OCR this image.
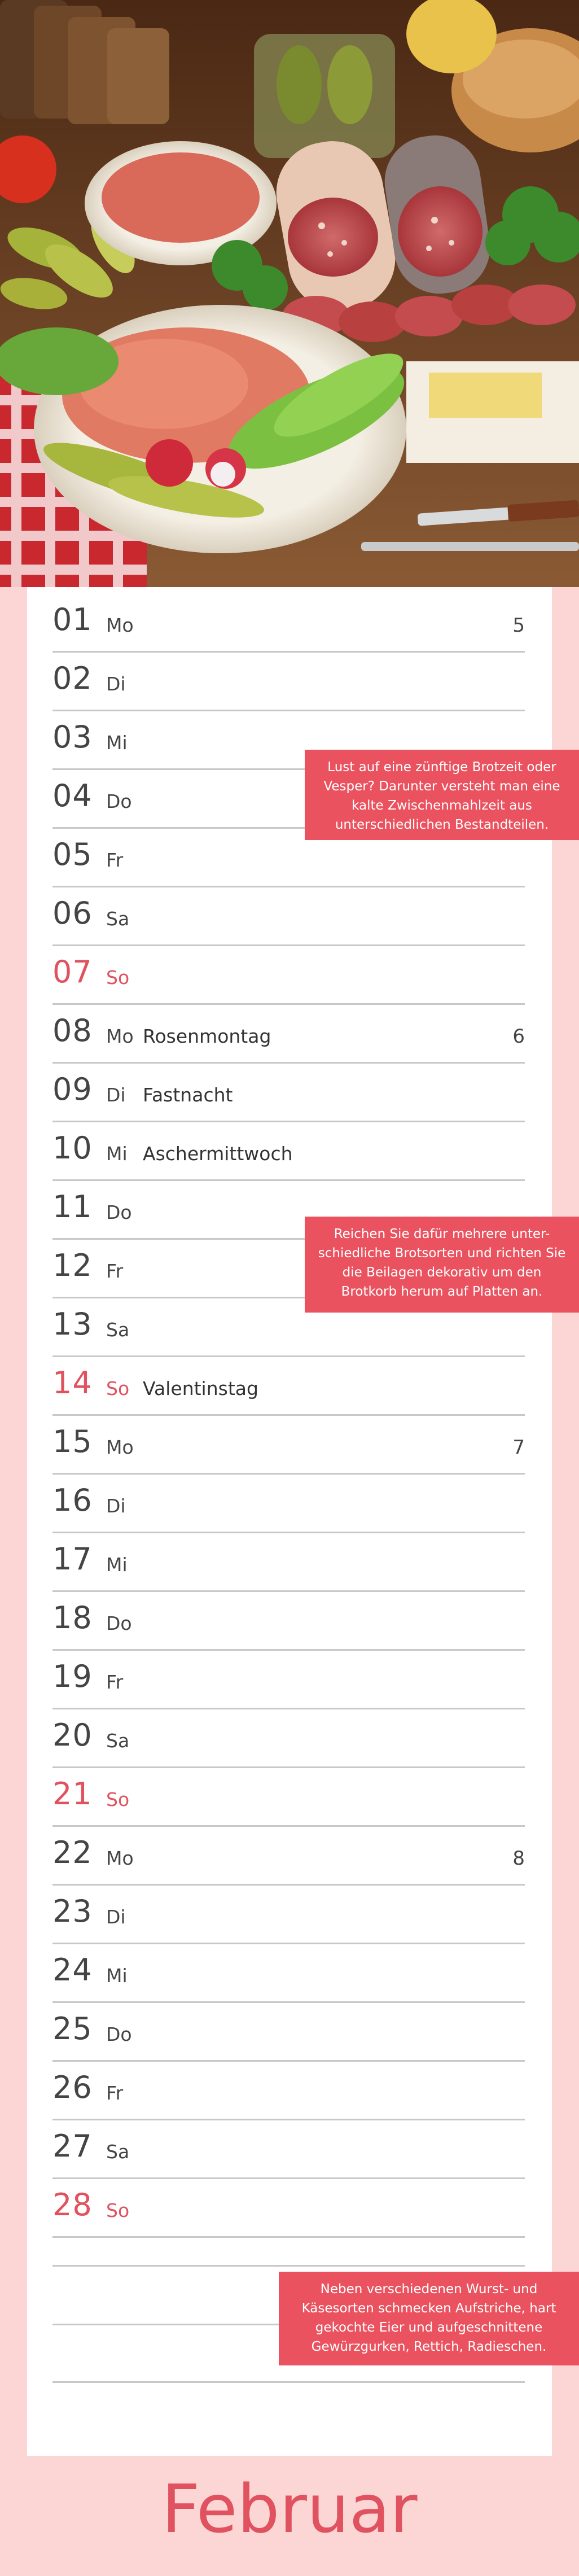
01 Mo	5
02 Di
03 Mi
04 Do
05 Fr
06 Sa
07 So
08 Mo Rosenmontag	6
09 Di Fastnacht
10 Mi Aschermittwoch
11 Do
12 Fr
13 Sa
14 So Valentinstag
15 Mo	7
16 Di
17 Mi
18 Do
19 Fr
20 Sa
21 So
22 Mo	8
23 Di
24 Mi
25 Do
26 Fr
27 Sa
28 So
Lust auf eine zünftige Brotzeit oder Vesper? Darunter versteht man eine kalte Zwischenmahlzeit aus unterschiedlichen Bestandteilen.
Reichen Sie dafür mehrere unter-schiedliche Brotsorten und richten Sie die Beilagen dekorativ um den Brotkorb herum auf Platten an.
Neben verschiedenen Wurst- und Käsesorten schmecken Aufstriche, hart gekochte Eier und aufgeschnittene Gewürzgurken, Rettich, Radieschen.
Februar
